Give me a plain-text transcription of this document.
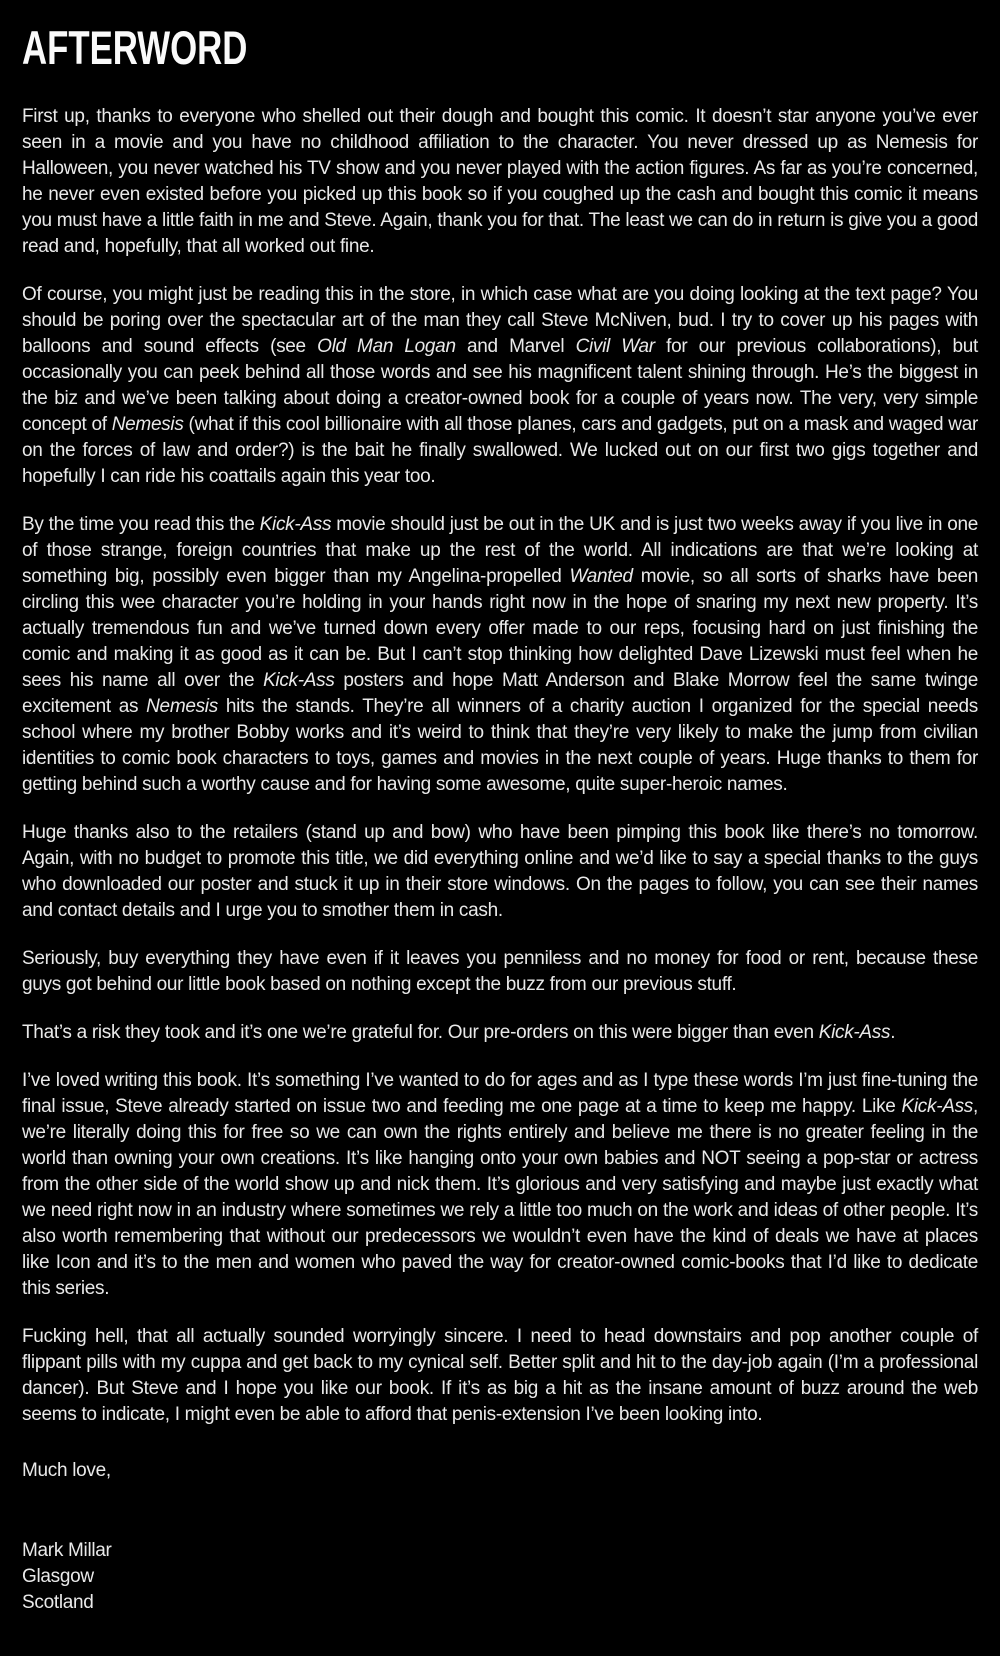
AFTERWORD

First up, thanks to everyone who shelled out their dough and bought this comic. It doesn’t star anyone you’ve ever seen in a movie and you have no childhood affiliation to the character. You never dressed up as Nemesis for Halloween, you never watched his TV show and you never played with the action figures. As far as you’re concerned, he never even existed before you picked up this book so if you coughed up the cash and bought this comic it means you must have a little faith in me and Steve. Again, thank you for that. The least we can do in return is give you a good read and, hopefully, that all worked out fine.

Of course, you might just be reading this in the store, in which case what are you doing looking at the text page? You should be poring over the spectacular art of the man they call Steve McNiven, bud. I try to cover up his pages with balloons and sound effects (see Old Man Logan and Marvel Civil War for our previous collaborations), but occasionally you can peek behind all those words and see his magnificent talent shining through. He’s the biggest in the biz and we’ve been talking about doing a creator-owned book for a couple of years now. The very, very simple concept of Nemesis (what if this cool billionaire with all those planes, cars and gadgets, put on a mask and waged war on the forces of law and order?) is the bait he finally swallowed. We lucked out on our first two gigs together and hopefully I can ride his coattails again this year too.

By the time you read this the Kick-Ass movie should just be out in the UK and is just two weeks away if you live in one of those strange, foreign countries that make up the rest of the world. All indications are that we’re looking at something big, possibly even bigger than my Angelina-propelled Wanted movie, so all sorts of sharks have been circling this wee character you’re holding in your hands right now in the hope of snaring my next new property. It’s actually tremendous fun and we’ve turned down every offer made to our reps, focusing hard on just finishing the comic and making it as good as it can be. But I can’t stop thinking how delighted Dave Lizewski must feel when he sees his name all over the Kick-Ass posters and hope Matt Anderson and Blake Morrow feel the same twinge excitement as Nemesis hits the stands. They’re all winners of a charity auction I organized for the special needs school where my brother Bobby works and it’s weird to think that they’re very likely to make the jump from civilian identities to comic book characters to toys, games and movies in the next couple of years. Huge thanks to them for getting behind such a worthy cause and for having some awesome, quite super-heroic names.

Huge thanks also to the retailers (stand up and bow) who have been pimping this book like there’s no tomorrow. Again, with no budget to promote this title, we did everything online and we’d like to say a special thanks to the guys who downloaded our poster and stuck it up in their store windows. On the pages to follow, you can see their names and contact details and I urge you to smother them in cash.

Seriously, buy everything they have even if it leaves you penniless and no money for food or rent, because these guys got behind our little book based on nothing except the buzz from our previous stuff.

That’s a risk they took and it’s one we’re grateful for. Our pre-orders on this were bigger than even Kick-Ass.

I’ve loved writing this book. It’s something I’ve wanted to do for ages and as I type these words I’m just fine-tuning the final issue, Steve already started on issue two and feeding me one page at a time to keep me happy. Like Kick-Ass, we’re literally doing this for free so we can own the rights entirely and believe me there is no greater feeling in the world than owning your own creations. It’s like hanging onto your own babies and NOT seeing a pop-star or actress from the other side of the world show up and nick them. It’s glorious and very satisfying and maybe just exactly what we need right now in an industry where sometimes we rely a little too much on the work and ideas of other people. It’s also worth remembering that without our predecessors we wouldn’t even have the kind of deals we have at places like Icon and it’s to the men and women who paved the way for creator-owned comic-books that I’d like to dedicate this series.

Fucking hell, that all actually sounded worryingly sincere. I need to head downstairs and pop another couple of flippant pills with my cuppa and get back to my cynical self. Better split and hit to the day-job again (I’m a professional dancer). But Steve and I hope you like our book. If it’s as big a hit as the insane amount of buzz around the web seems to indicate, I might even be able to afford that penis-extension I’ve been looking into.

Much love,

Mark Millar
Glasgow
Scotland
